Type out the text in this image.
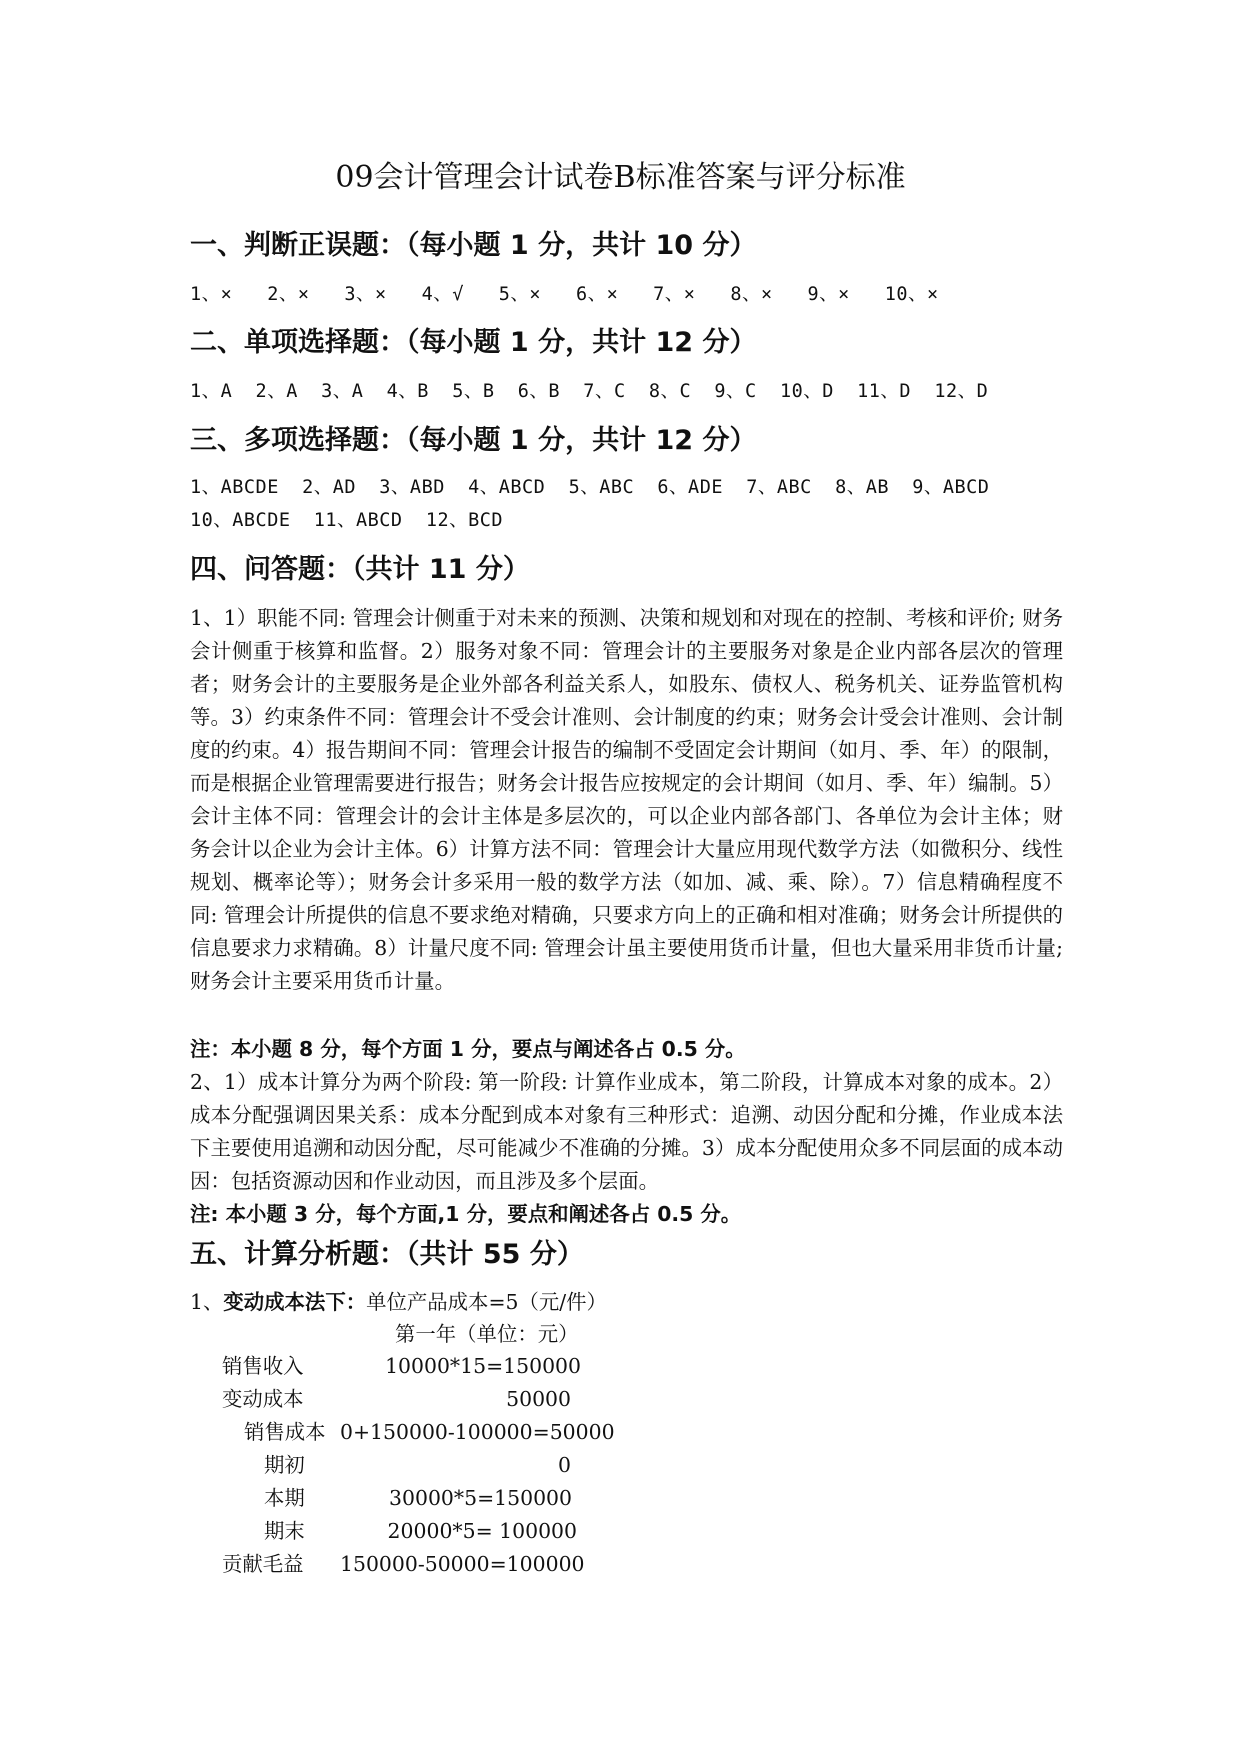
09会计管理会计试卷B标准答案与评分标准
一、判断正误题：（每小题 1 分，共计 10 分）
1、×   2、×   3、×   4、√   5、×   6、×   7、×   8、×   9、×   10、×
二、单项选择题：（每小题 1 分，共计 12 分）
1、A  2、A  3、A  4、B  5、B  6、B  7、C  8、C  9、C  10、D  11、D  12、D
三、多项选择题：（每小题 1 分，共计 12 分）
1、ABCDE  2、AD  3、ABD  4、ABCD  5、ABC  6、ADE  7、ABC  8、AB  9、ABCD
10、ABCDE  11、ABCD  12、BCD
四、问答题：（共计 11 分）
1、1）职能不同: 管理会计侧重于对未来的预测、决策和规划和对现在的控制、考核和评价; 财务会计侧重于核算和监督。2）服务对象不同：管理会计的主要服务对象是企业内部各层次的管理者；财务会计的主要服务是企业外部各利益关系人，如股东、债权人、税务机关、证券监管机构等。3）约束条件不同：管理会计不受会计准则、会计制度的约束；财务会计受会计准则、会计制度的约束。4）报告期间不同：管理会计报告的编制不受固定会计期间（如月、季、年）的限制，而是根据企业管理需要进行报告；财务会计报告应按规定的会计期间（如月、季、年）编制。5）会计主体不同：管理会计的会计主体是多层次的，可以企业内部各部门、各单位为会计主体；财务会计以企业为会计主体。6）计算方法不同：管理会计大量应用现代数学方法（如微积分、线性规划、概率论等）；财务会计多采用一般的数学方法（如加、减、乘、除）。7）信息精确程度不同: 管理会计所提供的信息不要求绝对精确，只要求方向上的正确和相对准确；财务会计所提供的信息要求力求精确。8）计量尺度不同: 管理会计虽主要使用货币计量，但也大量采用非货币计量; 财务会计主要采用货币计量。
注：本小题 8 分，每个方面 1 分，要点与阐述各占 0.5 分。
2、1）成本计算分为两个阶段: 第一阶段: 计算作业成本，第二阶段，计算成本对象的成本。2）成本分配强调因果关系：成本分配到成本对象有三种形式：追溯、动因分配和分摊，作业成本法下主要使用追溯和动因分配，尽可能减少不准确的分摊。3）成本分配使用众多不同层面的成本动因：包括资源动因和作业动因，而且涉及多个层面。
注: 本小题 3 分，每个方面,1 分，要点和阐述各占 0.5 分。
五、计算分析题：（共计 55 分）
1、变动成本法下：单位产品成本=5（元/件）
第一年（单位：元）
销售收入	10000*15=150000
变动成本	50000
销售成本 0+150000-100000=50000
期初	0
本期	30000*5=150000
期末	20000*5= 100000
贡献毛益 150000-50000=100000
